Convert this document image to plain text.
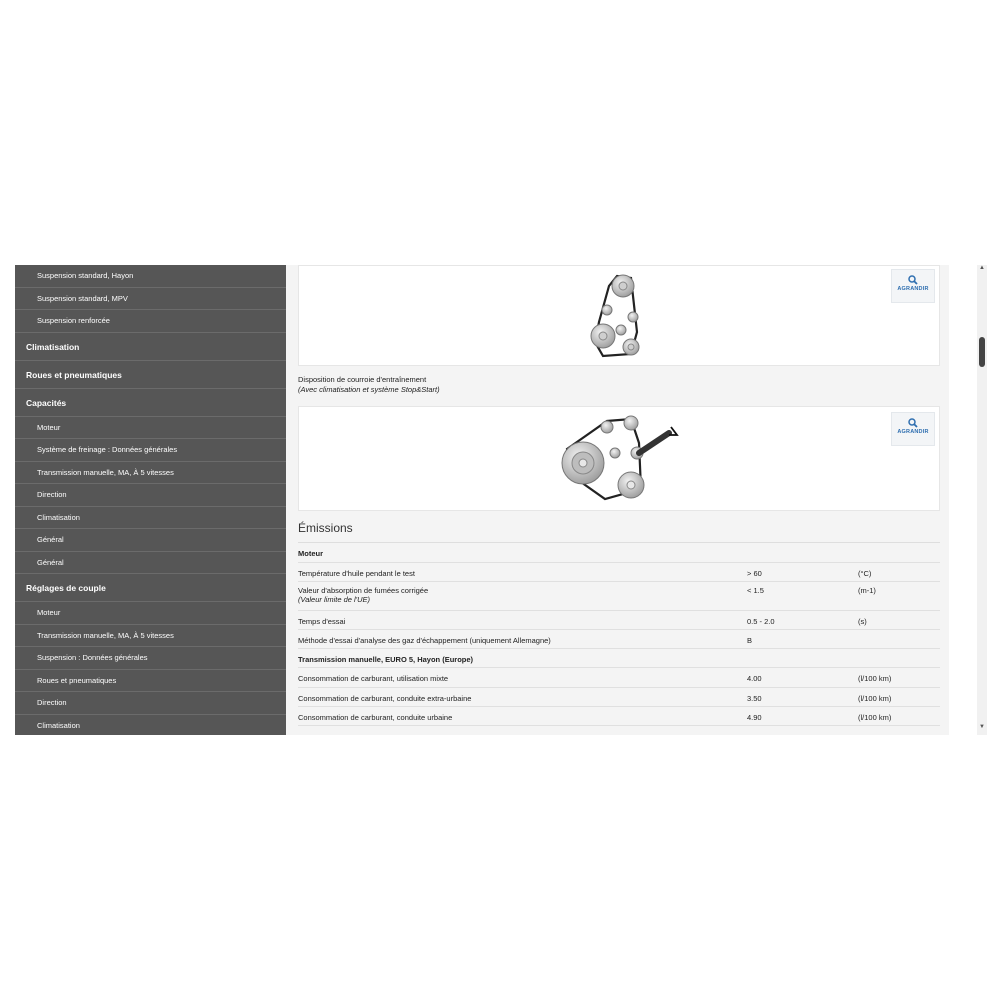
Suspension standard, Hayon
Suspension standard, MPV
Suspension renforcée
Climatisation
Roues et pneumatiques
Capacités
Moteur
Système de freinage : Données générales
Transmission manuelle, MA, À 5 vitesses
Direction
Climatisation
Général
Général
Réglages de couple
Moteur
Transmission manuelle, MA, À 5 vitesses
Suspension : Données générales
Roues et pneumatiques
Direction
Climatisation
AGRANDIR
Disposition de courroie d'entraînement
(Avec climatisation et système Stop&Start)
AGRANDIR
Émissions
Moteur
Température d'huile pendant le test	> 60	(°C)
Valeur d'absorption de fumées corrigée
(Valeur limite de l'UE)
< 1.5	(m-1)
Temps d'essai	0.5 - 2.0	(s)
Méthode d'essai d'analyse des gaz d'échappement (uniquement Allemagne)	B
Transmission manuelle, EURO 5, Hayon (Europe)
Consommation de carburant, utilisation mixte	4.00	(l/100 km)
Consommation de carburant, conduite extra-urbaine	3.50	(l/100 km)
Consommation de carburant, conduite urbaine	4.90	(l/100 km)
▲
▼
